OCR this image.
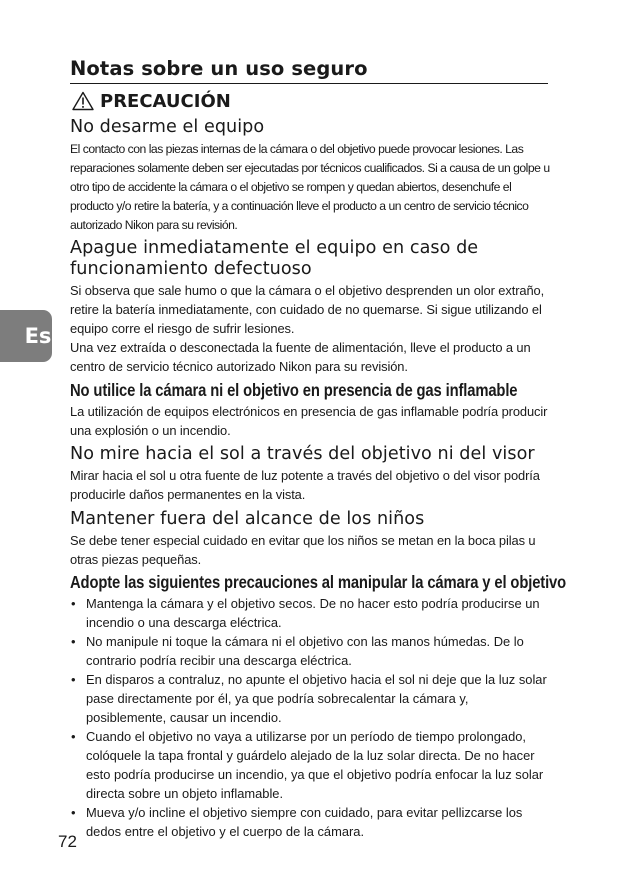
Notas sobre un uso seguro
PRECAUCIÓN
No desarme el equipo

El contacto con las piezas internas de la cámara o del objetivo puede provocar lesiones. Las reparaciones solamente deben ser ejecutadas por técnicos cualificados. Si a causa de un golpe u otro tipo de accidente la cámara o el objetivo se rompen y quedan abiertos, desenchufe el producto y/o retire la batería, y a continuación lleve el producto a un centro de servicio técnico autorizado Nikon para su revisión.

Apague inmediatamente el equipo en caso de funcionamiento defectuoso

Si observa que sale humo o que la cámara o el objetivo desprenden un olor extraño, retire la batería inmediatamente, con cuidado de no quemarse. Si sigue utilizando el equipo corre el riesgo de sufrir lesiones.

Una vez extraída o desconectada la fuente de alimentación, lleve el producto a un centro de servicio técnico autorizado Nikon para su revisión.

No utilice la cámara ni el objetivo en presencia de gas inflamable

La utilización de equipos electrónicos en presencia de gas inflamable podría producir una explosión o un incendio.

No mire hacia el sol a través del objetivo ni del visor

Mirar hacia el sol u otra fuente de luz potente a través del objetivo o del visor podría producirle daños permanentes en la vista.

Mantener fuera del alcance de los niños

Se debe tener especial cuidado en evitar que los niños se metan en la boca pilas u otras piezas pequeñas.

Adopte las siguientes precauciones al manipular la cámara y el objetivo
• Mantenga la cámara y el objetivo secos. De no hacer esto podría producirse un incendio o una descarga eléctrica.
• No manipule ni toque la cámara ni el objetivo con las manos húmedas. De lo contrario podría recibir una descarga eléctrica.
• En disparos a contraluz, no apunte el objetivo hacia el sol ni deje que la luz solar pase directamente por él, ya que podría sobrecalentar la cámara y, posiblemente, causar un incendio.
• Cuando el objetivo no vaya a utilizarse por un período de tiempo prolongado, colóquele la tapa frontal y guárdelo alejado de la luz solar directa. De no hacer esto podría producirse un incendio, ya que el objetivo podría enfocar la luz solar directa sobre un objeto inflamable.
• Mueva y/o incline el objetivo siempre con cuidado, para evitar pellizcarse los dedos entre el objetivo y el cuerpo de la cámara.
Es
72
